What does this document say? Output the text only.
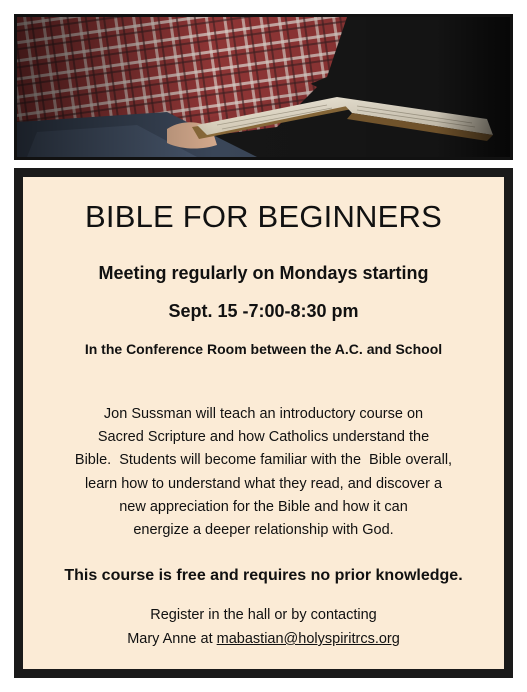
BIBLE FOR BEGINNERS
Meeting regularly on Mondays starting
Sept. 15 -7:00-8:30 pm
In the Conference Room between the A.C. and School
Jon Sussman will teach an introductory course on
Sacred Scripture and how Catholics understand the
Bible.  Students will become familiar with the  Bible overall,
learn how to understand what they read, and discover a
new appreciation for the Bible and how it can
energize a deeper relationship with God.
This course is free and requires no prior knowledge.
Register in the hall or by contacting
Mary Anne at mabastian@holyspiritrcs.org
